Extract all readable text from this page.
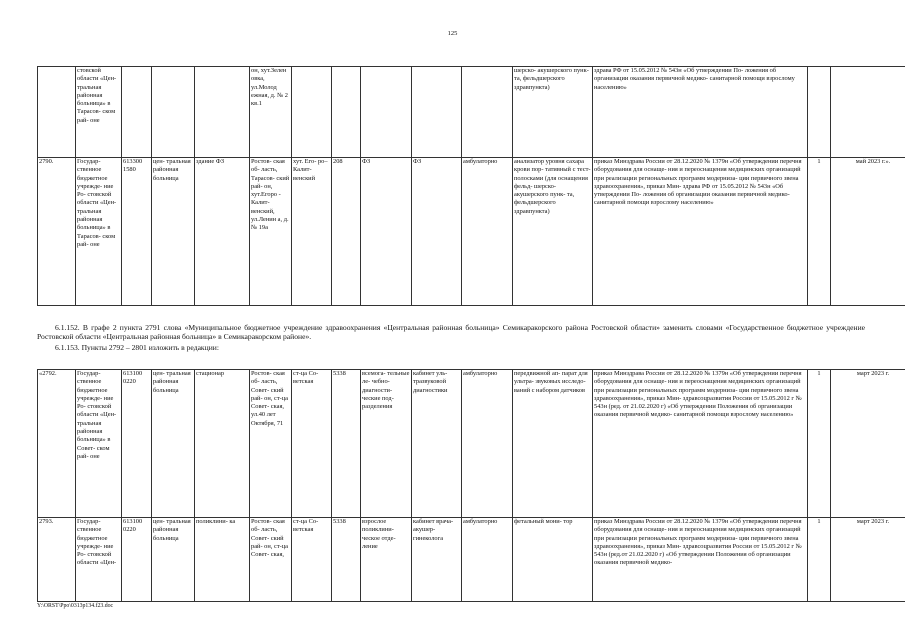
125
	стовской области «Цен- тральная районная больница» в Тарасов- ском рай- оне				он, хут.Зелен овка, ул.Молод ежная, д. № 2 кв.1						шерско- акушерского пунк- та, фельдшерского здравпункта)	здрава РФ от 15.05.2012 № 543н «Об утверждении По- ложения об организации оказания первичной медико- санитарной помощи взрослому населению»		
2790.	Государ- ственное бюджетное учрежде- ние Ро- стовской области «Цен- тральная районная больница» в Тарасов- ском рай- оне	613300 1580	цен- тральная районная больница	здание ФЗ	Ростов- ская об- ласть, Тарасов- ский рай- он, хут.Егоро - Калит- венский, ул.Ленин а, д. № 19а	хут. Его- ро– Калит- венский	208	ФЗ	ФЗ	амбулаторно	анализатор уровня сахара крови пор- тативный с тест- полосками (для оснащения фельд- шерско- акушерского пунк- та, фельдшерского здравпункта)	приказ Минздрава России от 28.12.2020 № 1379н «Об утверждении перечня оборудования для оснаще- ния и переоснащения медицинских организаций при реализации региональных программ модерниза- ции первичного звена здравоохранения», приказ Мин- здрава РФ от 15.05.2012 № 543н «Об утверждении По- ложения об организации оказания первичной медико- санитарной помощи взрослому населению»	1	май 2023 г.».
6.1.152. В графе 2 пункта 2791 слова «Муниципальное бюджетное учреждение здравоохранения «Центральная районная больница» Семикаракорского района Ростовской области» заменить словами «Государственное бюджетное учреждение Ростовской области «Центральная районная больница» в Семикаракорском районе».
6.1.153. Пункты 2792 – 2801 изложить в редакции:
«2792.	Государ- ственное бюджетное учрежде- ние Ро- стовской области «Цен- тральная районная больница» в Совет- ском рай- оне	613100 0220	цен- тральная районная больница	стационар	Ростов- ская об- ласть, Совет- ский рай- он, ст-ца Совет- ская, ул.40 лет Октября, 71	ст-ца Со- ветская	5338	всемога- тельные ле- чебно- диагности- ческие под- разделения	кабинет уль- тразвуковой диагностики	амбулаторно	передвижной ап- парат для ультра- звуковых исследо- ваний с набором датчиков	приказ Минздрава России от 28.12.2020 № 1379н «Об утверждении перечня оборудования для оснаще- ния и переоснащения медицинских организаций при реализации региональных программ модерниза- ции первичного звена здравоохранения», приказ Мин- здравсоцразвития России от 15.05.2012 г № 543н (ред. от 21.02.2020 г) «Об утверждении Положения об организации оказания первичной медико- санитарной помощи взрослому населению»	1	март 2023 г.
2793.	Государ- ственное бюджетное учрежде- ние Ро- стовской области «Цен-	613100 0220	цен- тральная районная больница	поликлини- ка	Ростов- ская об- ласть, Совет- ский рай- он, ст-ца Совет- ская,	ст-ца Со- ветская	5338	взрослое поликлини- ческое отде- ление	кабинет врача- акушер- гинеколога	амбулаторно	фетальный мони- тор	приказ Минздрава России от 28.12.2020 № 1379н «Об утверждении перечня оборудования для оснаще- ния и переоснащения медицинских организаций при реализации региональных программ модерниза- ции первичного звена здравоохранения», приказ Мин- здравсоцразвития России от 15.05.2012 г № 543н (ред.от 21.02.2020 г) «Об утверждении Положения об организации оказания первичной медико-	1	март 2023 г.
Y:\ORST\Ppo\0313p134.f23.doc
